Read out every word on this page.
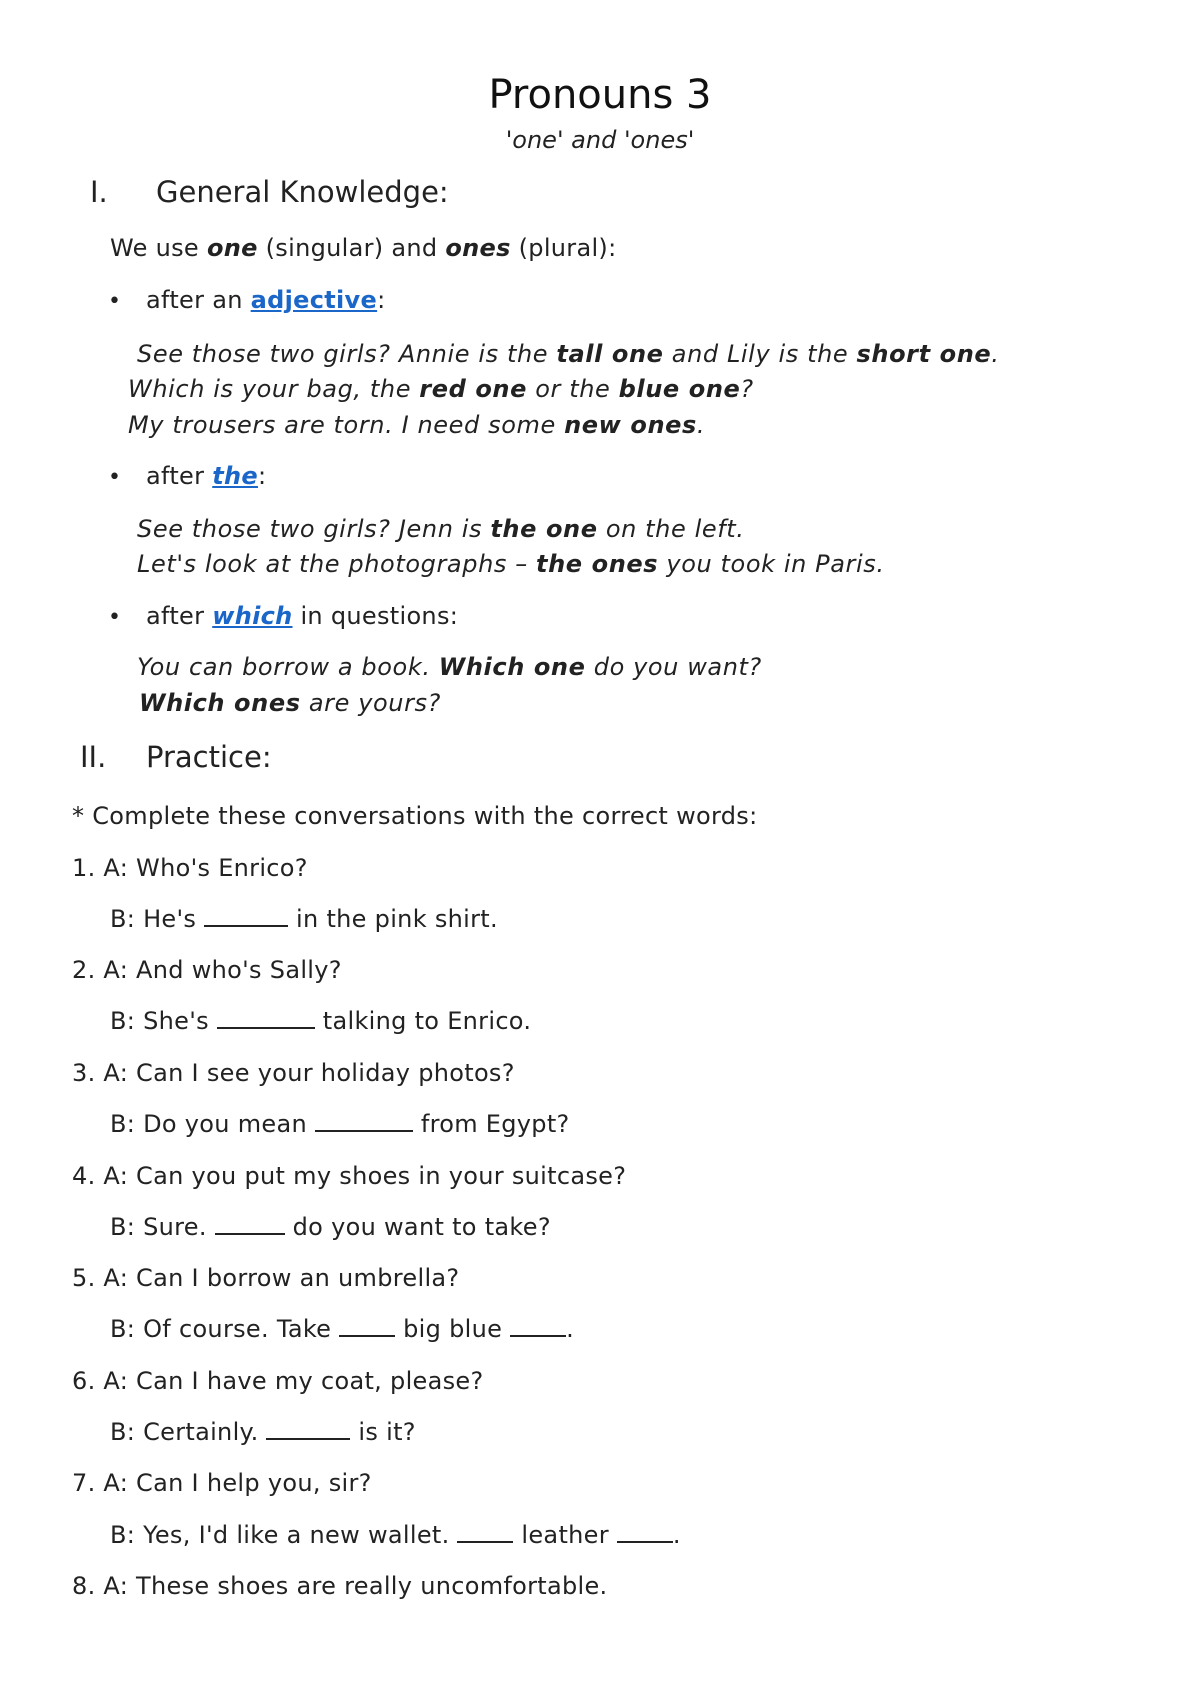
Pronouns 3
'one' and 'ones'
I. General Knowledge:
We use one (singular) and ones (plural):
• after an adjective:
See those two girls? Annie is the tall one and Lily is the short one.
Which is your bag, the red one or the blue one?
My trousers are torn. I need some new ones.
• after the:
See those two girls? Jenn is the one on the left.
Let's look at the photographs – the ones you took in Paris.
• after which in questions:
You can borrow a book. Which one do you want?
Which ones are yours?
II. Practice:
* Complete these conversations with the correct words:
1. A: Who's Enrico?
B: He's	in the pink shirt.
2. A: And who's Sally?
B: She's	talking to Enrico.
3. A: Can I see your holiday photos?
B: Do you mean	from Egypt?
4. A: Can you put my shoes in your suitcase?
B: Sure.	do you want to take?
5. A: Can I borrow an umbrella?
B: Of course. Take  big blue .
6. A: Can I have my coat, please?
B: Certainly.	is it?
7. A: Can I help you, sir?
B: Yes, I'd like a new wallet.  leather .
8. A: These shoes are really uncomfortable.
